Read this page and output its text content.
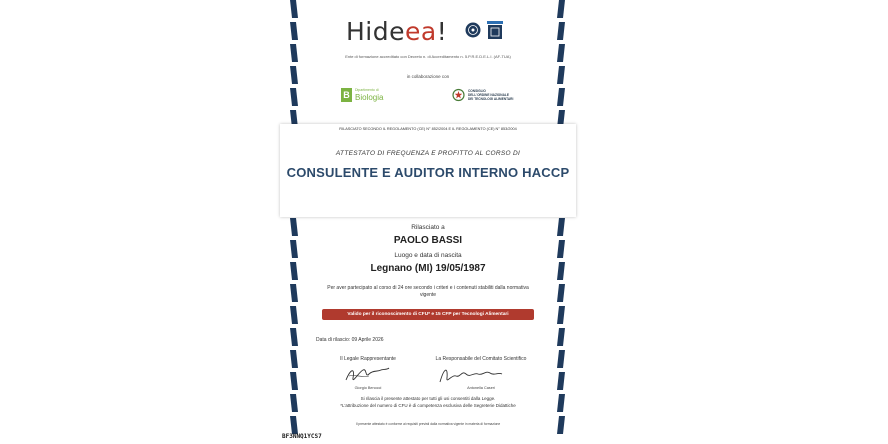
Hide ea !
Ente di formazione accreditato con Decreto n. di Accreditamento n. 5.P.R.E.D.E.L.I. (AF-TUA)
in collaborazione con
B	Dipartimento di
Biologia
CONSIGLIO
DELL'ORDINE NAZIONALE
DEI TECNOLOGI ALIMENTARI
RILASCIATO SECONDO IL REGOLAMENTO (CE) N° 852/2004 E IL REGOLAMENTO (CE) N° 853/2004
ATTESTATO DI FREQUENZA E PROFITTO AL CORSO DI
CONSULENTE E AUDITOR INTERNO HACCP
Rilasciato a
PAOLO BASSI
Luogo e data di nascita
Legnano (MI) 19/05/1987
Per aver partecipato al corso di 24 ore secondo i criteri e i contenuti stabiliti dalla normativa vigente
Valido per il riconoscimento di CFU* e 15 CFP per Tecnologi Alimentari
Data di rilascio: 09 Aprile 2026
Il Legale Rappresentante
Giorgio Benocci
La Responsabile del Comitato Scientifico
Antonella Caseri
Si rilascia il presente attestato per tutti gli usi consentiti dalla Legge.
*L'attribuzione del numero di CFU è di competenza esclusiva delle Segreterie Didattiche
Il presente attestato è conforme ai requisiti previsti dalla normativa vigente in materia di formazione
BF3NNQ1YCS7
